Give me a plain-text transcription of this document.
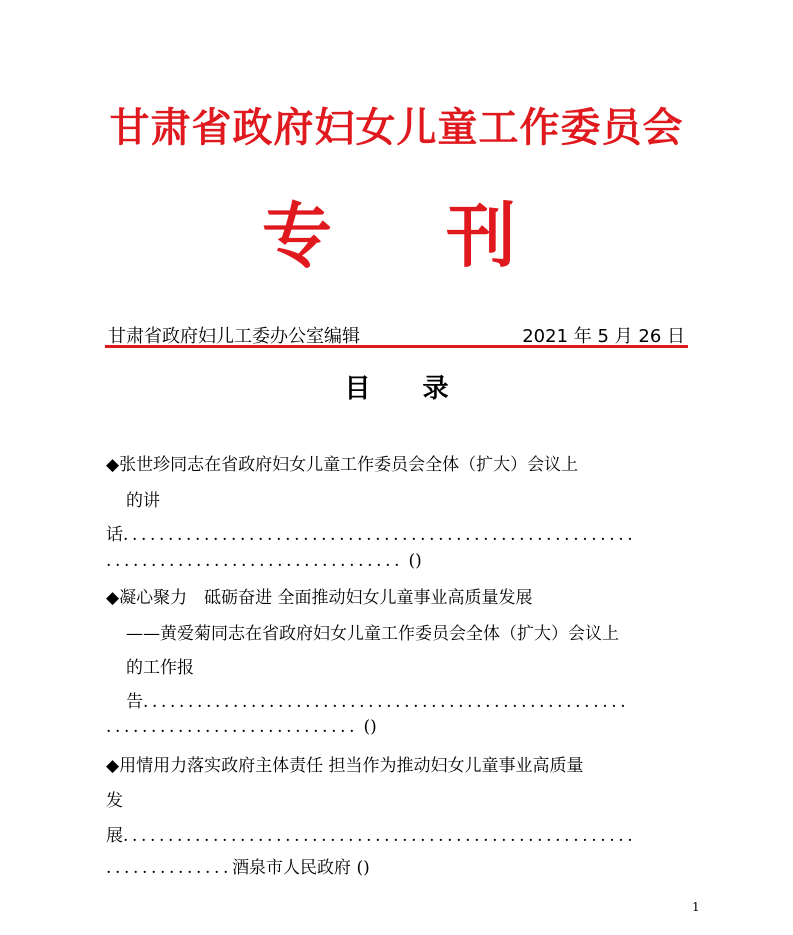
甘肃省政府妇女儿童工作委员会
专 刊
甘肃省政府妇儿工委办公室编辑	2021 年 5 月 26 日
目　　录
◆张世珍同志在省政府妇女儿童工作委员会全体（扩大）会议上
的讲
话.........................................................
................................. ()
◆凝心聚力　砥砺奋进 全面推动妇女儿童事业高质量发展
——黄爱菊同志在省政府妇女儿童工作委员会全体（扩大）会议上
的工作报
告......................................................
............................ ()
◆用情用力落实政府主体责任 担当作为推动妇女儿童事业高质量
发
展.........................................................
..............酒泉市人民政府 ()
1
